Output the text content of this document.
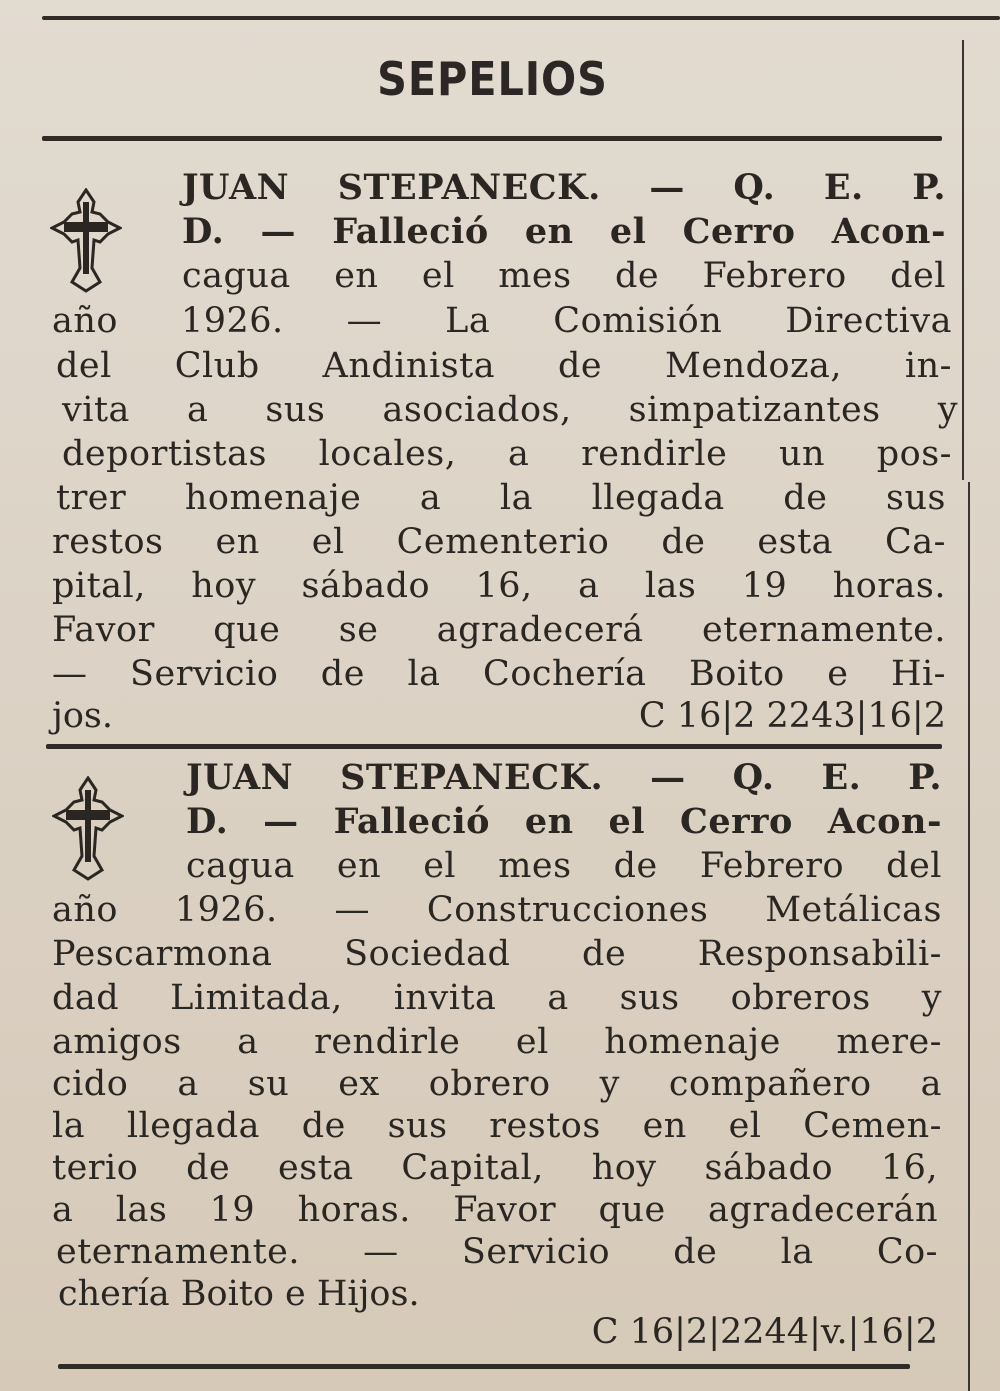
SEPELIOS
JUAN STEPANECK. — Q. E. P.
D. — Falleció en el Cerro Acon-
cagua en el mes de Febrero del
año 1926. — La Comisión Directiva
del Club Andinista de Mendoza, in-
vita a sus asociados, simpatizantes y
deportistas locales, a rendirle un pos-
trer homenaje a la llegada de sus
restos en el Cementerio de esta Ca-
pital, hoy sábado 16, a las 19 horas.
Favor que se agradecerá eternamente.
— Servicio de la Cochería Boito e Hi-
jos.	C 16|2 2243|16|2
JUAN STEPANECK. — Q. E. P.
D. — Falleció en el Cerro Acon-
cagua en el mes de Febrero del
año 1926. — Construcciones Metálicas
Pescarmona Sociedad de Responsabili-
dad Limitada, invita a sus obreros y
amigos a rendirle el homenaje mere-
cido a su ex obrero y compañero a
la llegada de sus restos en el Cemen-
terio de esta Capital, hoy sábado 16,
a las 19 horas. Favor que agradecerán
eternamente. — Servicio de la Co-
chería Boito e Hijos.
C 16|2|2244|v.|16|2
